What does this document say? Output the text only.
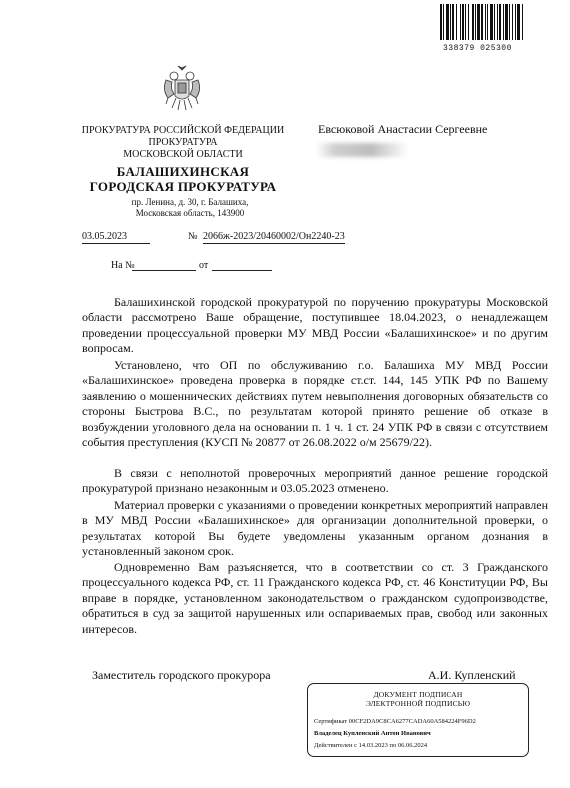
338379 025300
ПРОКУРАТУРА РОССИЙСКОЙ ФЕДЕРАЦИИ
ПРОКУРАТУРА
МОСКОВСКОЙ ОБЛАСТИ
БАЛАШИХИНСКАЯ
ГОРОДСКАЯ ПРОКУРАТУРА
пр. Ленина, д. 30, г. Балашиха,
Московская область, 143900
03.05.2023	№ 2066ж-2023/20460002/Он2240-23
На №	от
Евсюковой Анастасии Сергеевне
Балашихинской городской прокуратурой по поручению прокуратуры Московской области рассмотрено Ваше обращение, поступившее 18.04.2023, о ненадлежащем проведении процессуальной проверки МУ МВД России «Балашихинское» и по другим вопросам.
Установлено, что ОП по обслуживанию г.о. Балашиха МУ МВД России «Балашихинское» проведена проверка в порядке ст.ст. 144, 145 УПК РФ по Вашему заявлению о мошеннических действиях путем невыполнения договорных обязательств со стороны Быстрова В.С., по результатам которой принято решение об отказе в возбуждении уголовного дела на основании п. 1 ч. 1 ст. 24 УПК РФ в связи с отсутствием события преступления (КУСП № 20877 от 26.08.2022 о/м 25679/22).
В связи с неполнотой проверочных мероприятий данное решение городской прокуратурой признано незаконным и 03.05.2023 отменено.
Материал проверки с указаниями о проведении конкретных мероприятий направлен в МУ МВД России «Балашихинское» для организации дополнительной проверки, о результатах которой Вы будете уведомлены указанным органом дознания в установленный законом срок.
Одновременно Вам разъясняется, что в соответствии со ст. 3 Гражданского процессуального кодекса РФ, ст. 11 Гражданского кодекса РФ, ст. 46 Конституции РФ, Вы вправе в порядке, установленном законодательством о гражданском судопроизводстве, обратиться в суд за защитой нарушенных или оспариваемых прав, свобод или законных интересов.
Заместитель городского прокурора	А.И. Купленский
ДОКУМЕНТ ПОДПИСАН
ЭЛЕКТРОННОЙ ПОДПИСЬЮ
Сертификат 00CF2DA9C8CA6277CADA60A584224F96D2
Владелец Купленский Антон Иванович
Действителен с 14.03.2023 по 06.06.2024
